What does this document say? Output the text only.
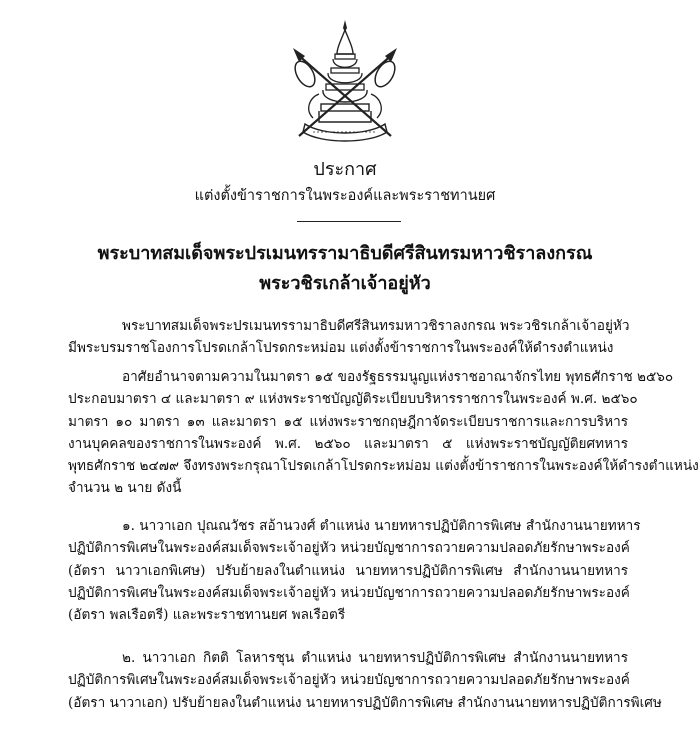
ประกาศ
แต่งตั้งข้าราชการในพระองค์และพระราชทานยศ
พระบาทสมเด็จพระปรเมนทรรามาธิบดีศรีสินทรมหาวชิราลงกรณ
พระวชิรเกล้าเจ้าอยู่หัว
พระบาทสมเด็จพระปรเมนทรรามาธิบดีศรีสินทรมหาวชิราลงกรณ พระวชิรเกล้าเจ้าอยู่หัว
มีพระบรมราชโองการโปรดเกล้าโปรดกระหม่อม แต่งตั้งข้าราชการในพระองค์ให้ดำรงตำแหน่ง
อาศัยอำนาจตามความในมาตรา ๑๕ ของรัฐธรรมนูญแห่งราชอาณาจักรไทย พุทธศักราช ๒๕๖๐
ประกอบมาตรา ๔ และมาตรา ๙ แห่งพระราชบัญญัติระเบียบบริหารราชการในพระองค์ พ.ศ. ๒๕๖๐
มาตรา ๑๐ มาตรา ๑๓ และมาตรา ๑๕ แห่งพระราชกฤษฎีกาจัดระเบียบราชการและการบริหาร
งานบุคคลของราชการในพระองค์ พ.ศ. ๒๕๖๐ และมาตรา ๕ แห่งพระราชบัญญัติยศทหาร
พุทธศักราช ๒๔๗๙ จึงทรงพระกรุณาโปรดเกล้าโปรดกระหม่อม แต่งตั้งข้าราชการในพระองค์ให้ดำรงตำแหน่ง
จำนวน ๒ นาย ดังนี้
๑. นาวาเอก ปุณณวัชร สอ้านวงศ์ ตำแหน่ง นายทหารปฏิบัติการพิเศษ สำนักงานนายทหาร
ปฏิบัติการพิเศษในพระองค์สมเด็จพระเจ้าอยู่หัว หน่วยบัญชาการถวายความปลอดภัยรักษาพระองค์
(อัตรา นาวาเอกพิเศษ) ปรับย้ายลงในตำแหน่ง นายทหารปฏิบัติการพิเศษ สำนักงานนายทหาร
ปฏิบัติการพิเศษในพระองค์สมเด็จพระเจ้าอยู่หัว หน่วยบัญชาการถวายความปลอดภัยรักษาพระองค์
(อัตรา พลเรือตรี) และพระราชทานยศ พลเรือตรี
๒. นาวาเอก กิตติ โลหารชุน ตำแหน่ง นายทหารปฏิบัติการพิเศษ สำนักงานนายทหาร
ปฏิบัติการพิเศษในพระองค์สมเด็จพระเจ้าอยู่หัว หน่วยบัญชาการถวายความปลอดภัยรักษาพระองค์
(อัตรา นาวาเอก) ปรับย้ายลงในตำแหน่ง นายทหารปฏิบัติการพิเศษ สำนักงานนายทหารปฏิบัติการพิเศษ
